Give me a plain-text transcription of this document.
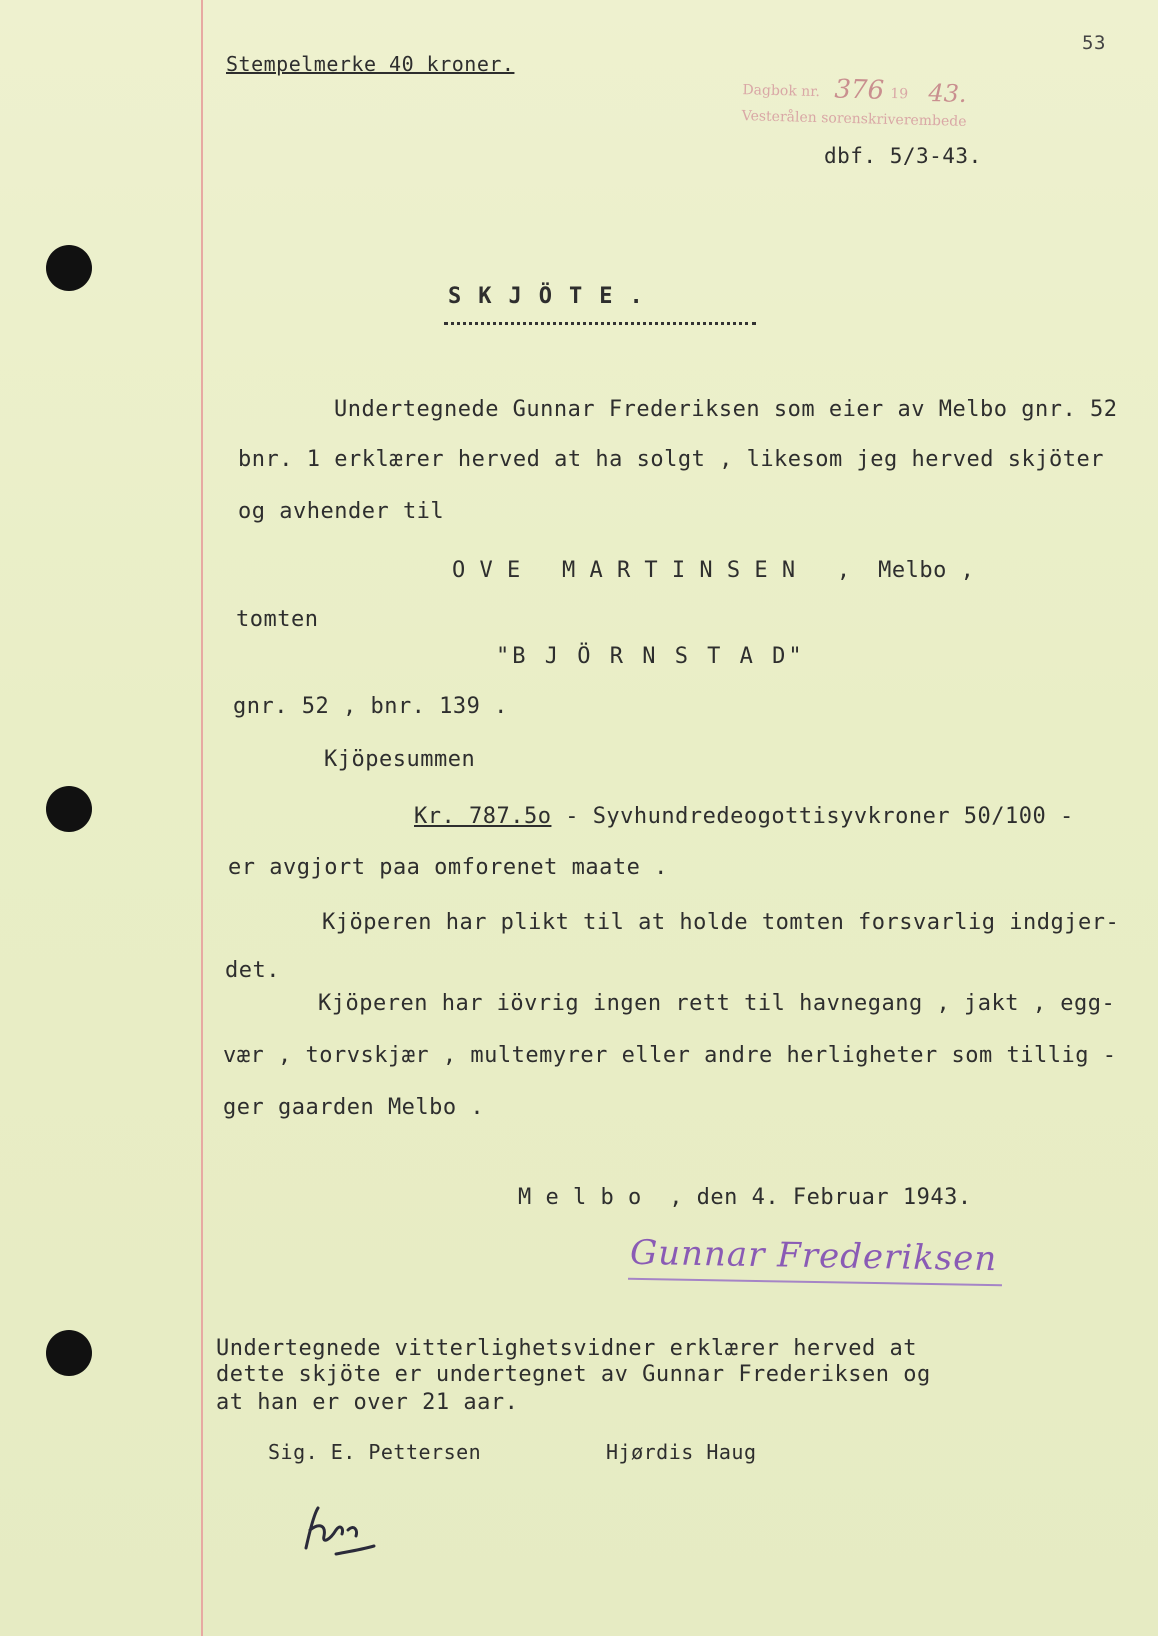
53
Stempelmerke 40 kroner.
Dagbok nr. 376 19 43.
Vesterålen sorenskriverembede
dbf. 5/3-43.
SKJÖTE.
Undertegnede Gunnar Frederiksen som eier av Melbo gnr. 52
bnr. 1 erklærer herved at ha solgt , likesom jeg herved skjöter
og avhender til
O V E   M A R T I N S E N   ,  Melbo ,
tomten
"B J Ö R N S T A D"
gnr. 52 , bnr. 139 .
Kjöpesummen
Kr. 787.5o - Syvhundredeogottisyvkroner 50/100 -
er avgjort paa omforenet maate .
Kjöperen har plikt til at holde tomten forsvarlig indgjer-
det.
Kjöperen har iövrig ingen rett til havnegang , jakt , egg-
vær , torvskjær , multemyrer eller andre herligheter som tillig -
ger gaarden Melbo .
M e l b o  , den 4. Februar 1943.
Gunnar Frederiksen
Undertegnede vitterlighetsvidner erklærer herved at
dette skjöte er undertegnet av Gunnar Frederiksen og
at han er over 21 aar.
Sig. E. Pettersen	Hjørdis Haug
